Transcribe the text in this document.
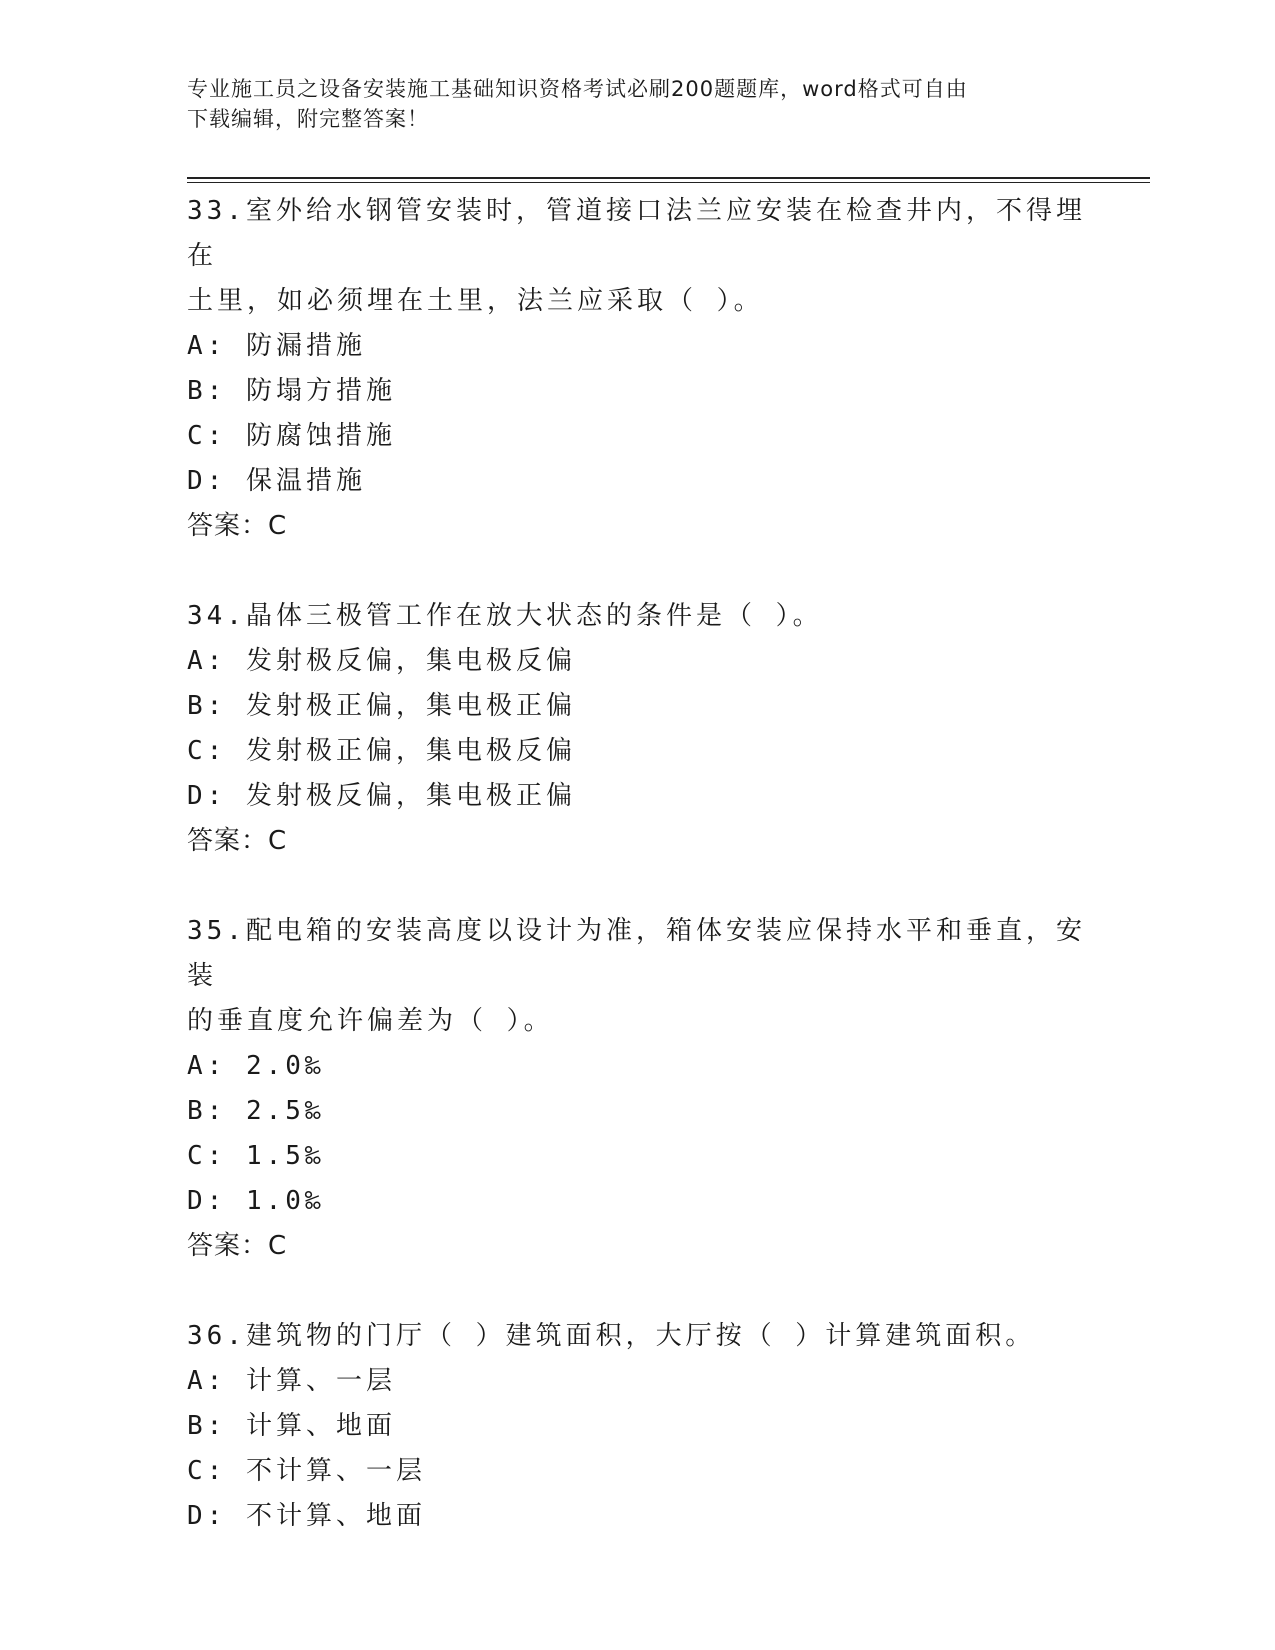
专业施工员之设备安装施工基础知识资格考试必刷200题题库，word格式可自由
下载编辑，附完整答案！
33.室外给水钢管安装时，管道接口法兰应安装在检查井内，不得埋在
土里，如必须埋在土里，法兰应采取（ ）。
A: 防漏措施
B: 防塌方措施
C: 防腐蚀措施
D: 保温措施
答案：C
34.晶体三极管工作在放大状态的条件是（ ）。
A: 发射极反偏，集电极反偏
B: 发射极正偏，集电极正偏
C: 发射极正偏，集电极反偏
D: 发射极反偏，集电极正偏
答案：C
35.配电箱的安装高度以设计为准，箱体安装应保持水平和垂直，安装
的垂直度允许偏差为（ ）。
A: 2.0‰
B: 2.5‰
C: 1.5‰
D: 1.0‰
答案：C
36.建筑物的门厅（ ）建筑面积，大厅按（ ）计算建筑面积。
A: 计算、一层
B: 计算、地面
C: 不计算、一层
D: 不计算、地面
